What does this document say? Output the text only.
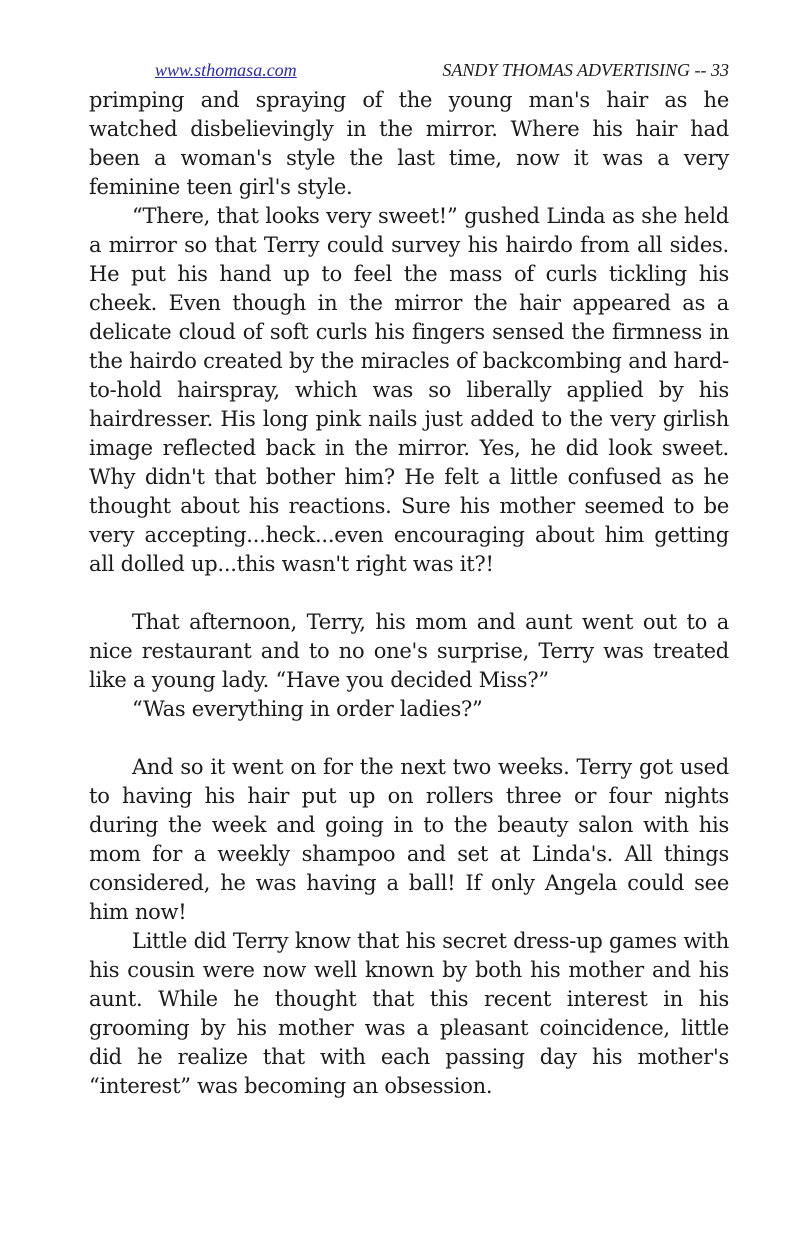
www.sthomasa.com	SANDY THOMAS ADVERTISING -- 33

primping and spraying of the young man's hair as he watched disbelievingly in the mirror. Where his hair had been a woman's style the last time, now it was a very feminine teen girl's style.

“There, that looks very sweet!” gushed Linda as she held a mirror so that Terry could survey his hairdo from all sides. He put his hand up to feel the mass of curls tickling his cheek. Even though in the mirror the hair appeared as a delicate cloud of soft curls his fingers sensed the firmness in the hairdo created by the miracles of backcombing and hard-to-hold hairspray, which was so liberally applied by his hairdresser. His long pink nails just added to the very girlish image reflected back in the mirror. Yes, he did look sweet. Why didn't that bother him? He felt a little confused as he thought about his reactions. Sure his mother seemed to be very accepting...heck...even encouraging about him getting all dolled up...this wasn't right was it?!

That afternoon, Terry, his mom and aunt went out to a nice restaurant and to no one's surprise, Terry was treated like a young lady. “Have you decided Miss?”

“Was everything in order ladies?”

And so it went on for the next two weeks. Terry got used to having his hair put up on rollers three or four nights during the week and going in to the beauty salon with his mom for a weekly shampoo and set at Linda's. All things considered, he was having a ball! If only Angela could see him now!

Little did Terry know that his secret dress-up games with his cousin were now well known by both his mother and his aunt. While he thought that this recent interest in his grooming by his mother was a pleasant coincidence, little did he realize that with each passing day his mother's “interest” was becoming an obsession.
